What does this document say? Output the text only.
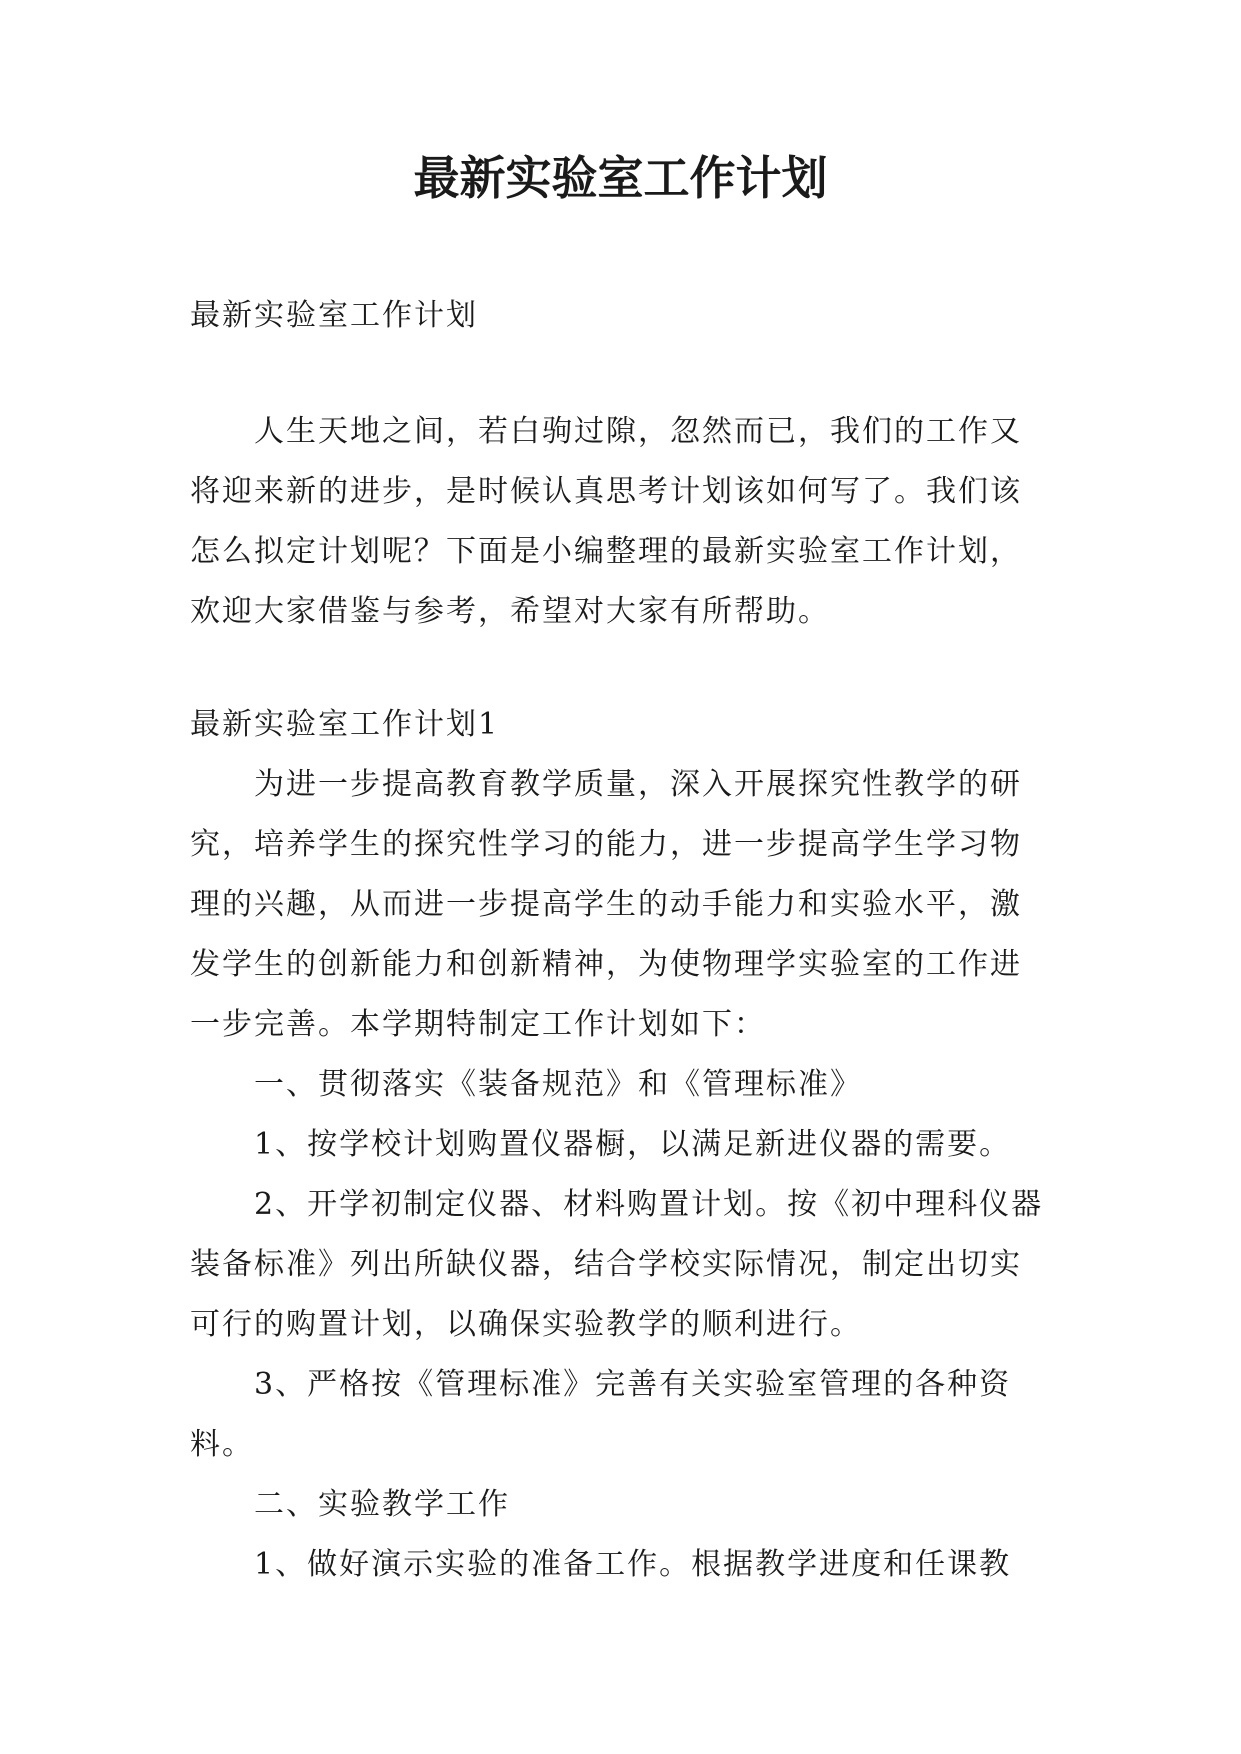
最新实验室工作计划

最新实验室工作计划

人生天地之间，若白驹过隙，忽然而已，我们的工作又将迎来新的进步，是时候认真思考计划该如何写了。我们该怎么拟定计划呢？下面是小编整理的最新实验室工作计划，欢迎大家借鉴与参考，希望对大家有所帮助。

最新实验室工作计划1

为进一步提高教育教学质量，深入开展探究性教学的研究，培养学生的探究性学习的能力，进一步提高学生学习物理的兴趣，从而进一步提高学生的动手能力和实验水平，激发学生的创新能力和创新精神，为使物理学实验室的工作进一步完善。本学期特制定工作计划如下：

一、贯彻落实《装备规范》和《管理标准》

1、按学校计划购置仪器橱，以满足新进仪器的需要。

2、开学初制定仪器、材料购置计划。按《初中理科仪器装备标准》列出所缺仪器，结合学校实际情况，制定出切实可行的购置计划，以确保实验教学的顺利进行。

3、严格按《管理标准》完善有关实验室管理的各种资料。

二、实验教学工作

1、做好演示实验的准备工作。根据教学进度和任课教
